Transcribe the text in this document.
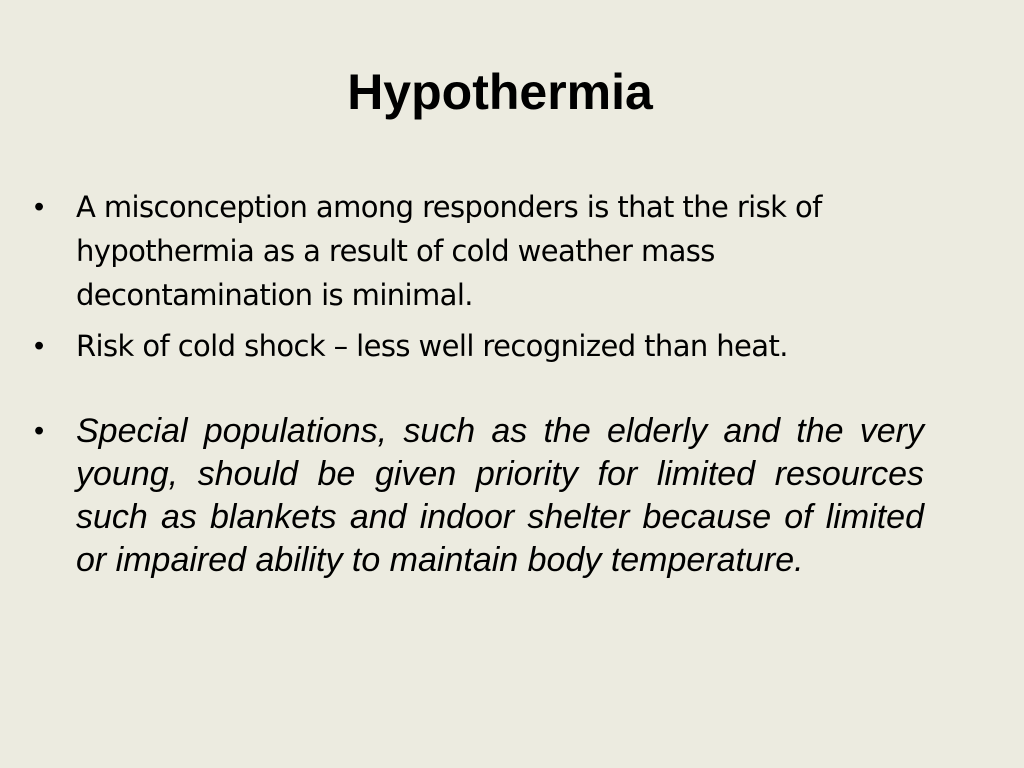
Hypothermia
• A misconception among responders is that the risk of hypothermia as a result of cold weather mass decontamination is minimal.
• Risk of cold shock – less well recognized than heat.
• Special populations, such as the elderly and the very young, should be given priority for limited resources such as blankets and indoor shelter because of limited or impaired ability to maintain body temperature.
